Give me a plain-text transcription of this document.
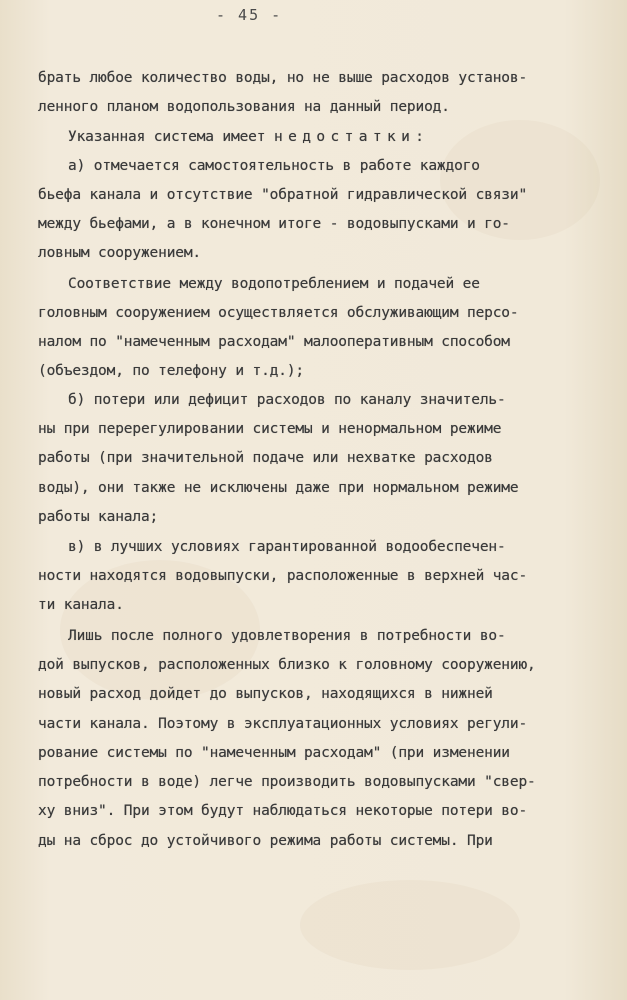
- 45 -
брать любое количество воды, но не выше расходов установ-
ленного планом водопользования на данный период.
Указанная система имеет недостатки:
а) отмечается самостоятельность в работе каждого
бьефа канала и отсутствие "обратной гидравлической связи"
между бьефами, а в конечном итоге - водовыпусками и го-
ловным сооружением.
Соответствие между водопотреблением и подачей ее
головным сооружением осуществляется обслуживающим персо-
налом по "намеченным расходам" малооперативным способом
(объездом, по телефону и т.д.);
б) потери или дефицит расходов по каналу значитель-
ны при перерегулировании системы и ненормальном режиме
работы (при значительной подаче или нехватке расходов
воды), они также не исключены даже при нормальном режиме
работы канала;
в) в лучших условиях гарантированной водообеспечен-
ности находятся водовыпуски, расположенные в верхней час-
ти канала.
Лишь после полного удовлетворения в потребности во-
дой выпусков, расположенных близко к головному сооружению,
новый расход дойдет до выпусков, находящихся в нижней
части канала. Поэтому в эксплуатационных условиях регули-
рование системы по "намеченным расходам" (при изменении
потребности в воде) легче производить водовыпусками "свер-
ху вниз". При этом будут наблюдаться некоторые потери во-
ды на сброс до устойчивого режима работы системы. При
